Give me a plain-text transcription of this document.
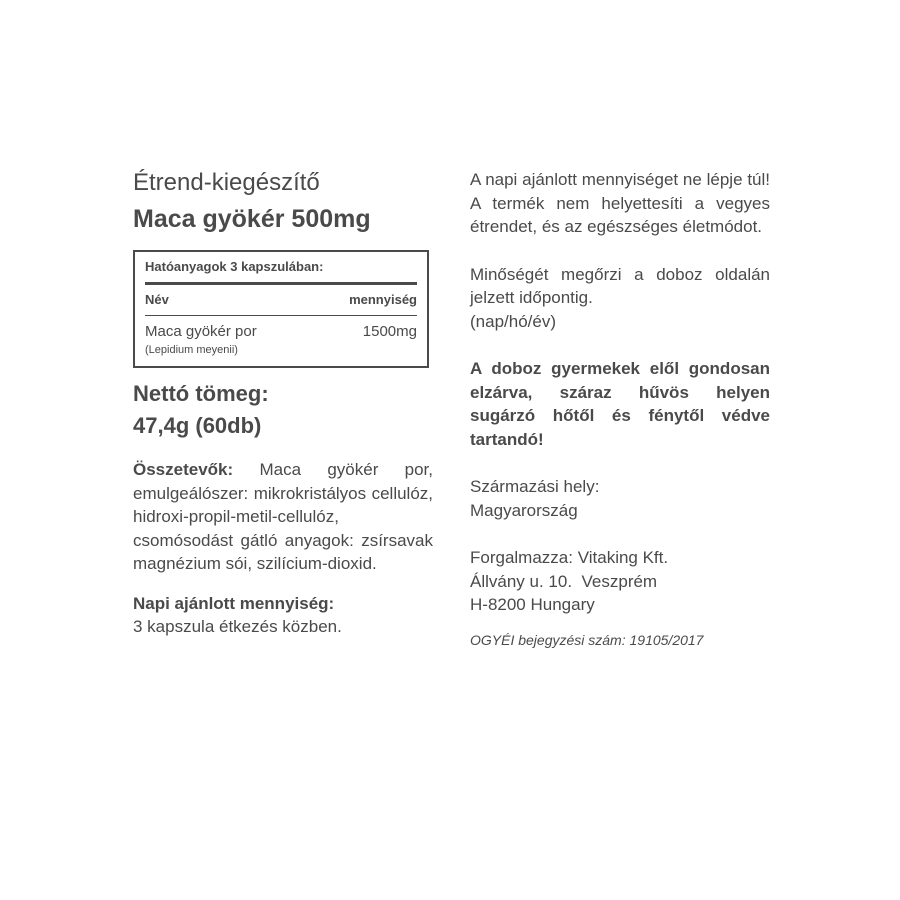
Étrend-kiegészítő

Maca gyökér 500mg

Hatóanyagok 3 kapszulában:
Név	mennyiség
Maca gyökér por	1500mg
(Lepidium meyenii)
Nettó tömeg:
47,4g (60db)

Összetevők: Maca gyökér por, emulgeálószer: mikrokristályos cellulóz, hidroxi-propil-metil-cellulóz, csomósodást gátló anyagok: zsírsavak magnézium sói, szilícium-dioxid.

Napi ajánlott mennyiség:
3 kapszula étkezés közben.

A napi ajánlott mennyiséget ne lépje túl! A termék nem helyettesíti a vegyes étrendet, és az egészséges életmódot.

Minőségét megőrzi a doboz oldalán jelzett időpontig.
(nap/hó/év)

A doboz gyermekek elől gondosan elzárva, száraz hűvös helyen sugárzó hőtől és fénytől védve tartandó!

Származási hely:
Magyarország

Forgalmazza: Vitaking Kft.
Állvány u. 10.  Veszprém
H-8200 Hungary

OGYÉI bejegyzési szám: 19105/2017
